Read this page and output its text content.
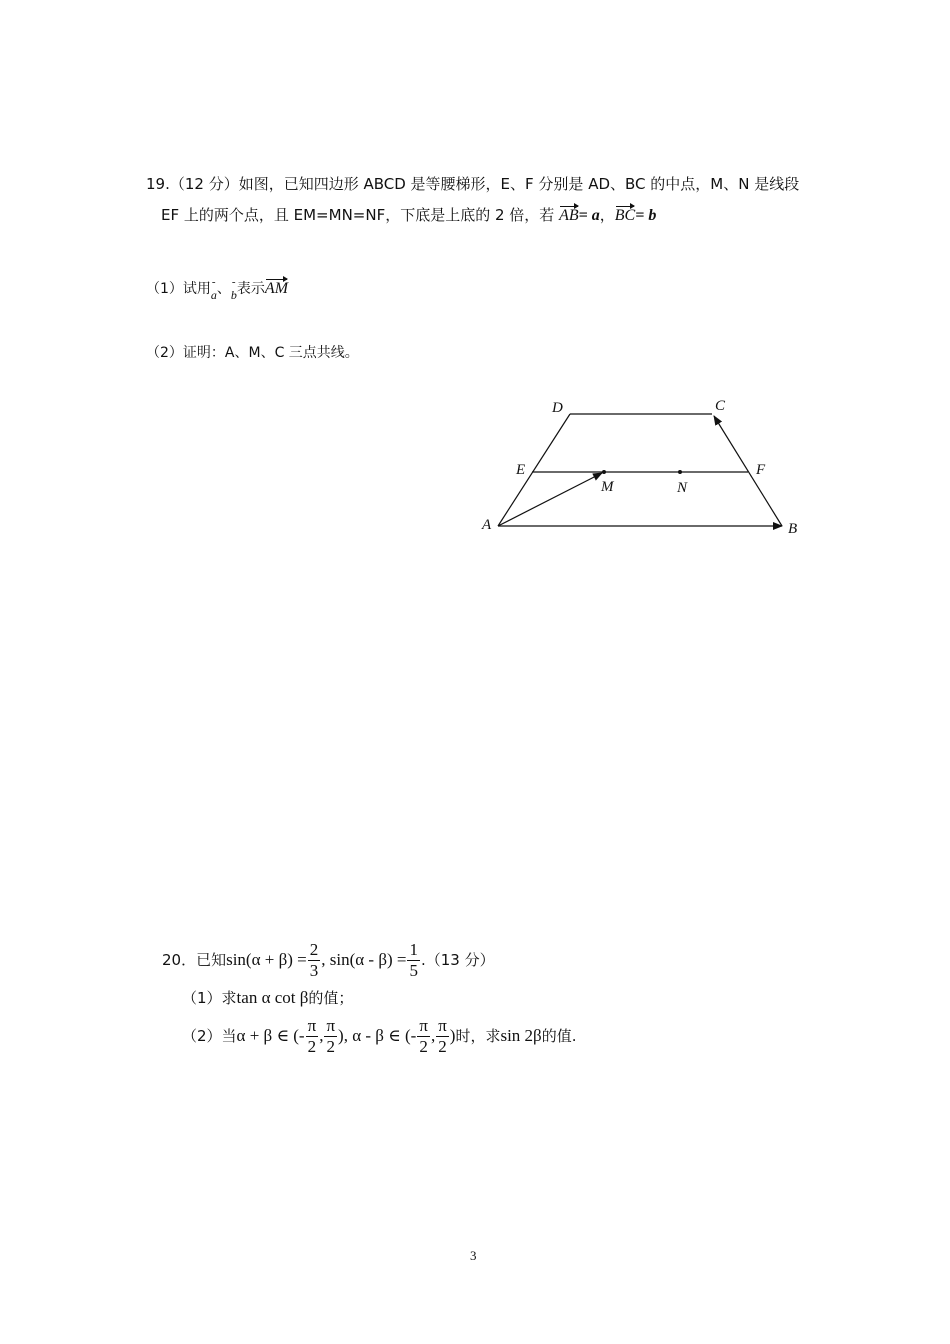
19.（12 分）如图，已知四边形 ABCD 是等腰梯形，E、F 分别是 AD、BC 的中点，M、N 是线段
EF 上的两个点，且 EM=MN=NF，下底是上底的 2 倍，若 AB= a，BC= b
（1）试用- a、- b表示AM
（2）证明：A、M、C 三点共线。
D	C
E	F
M	N
A	B
20．已知 $\sin(\alpha + \beta) = \frac{2}{3}$ , $\sin(\alpha - \beta) = \frac{1}{5} .(13$ 分）
（1）求tan α cot β的值；
（2）当 α + β ∈ (- $\frac{\pi}{2}$ , $\frac{\pi}{2}$ ), α - β ∈ (- $\frac{\pi}{2}$ , $\frac{\pi}{2}$ ) 时，求 sin 2β 的值.
3
